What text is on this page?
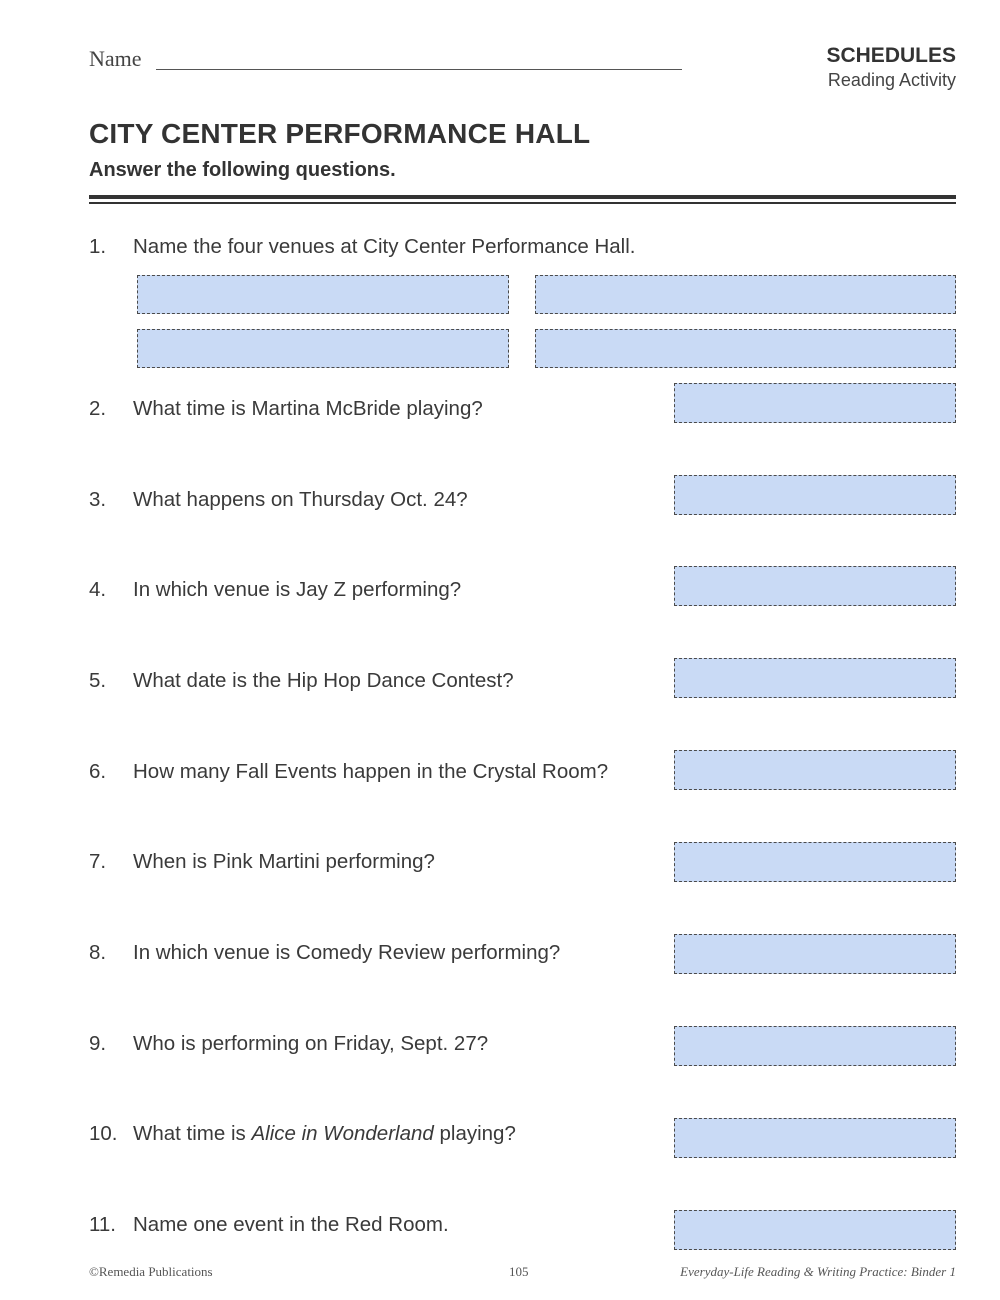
Name	SCHEDULES
Reading Activity
CITY CENTER PERFORMANCE HALL
Answer the following questions.
1. Name the four venues at City Center Performance Hall.
2. What time is Martina McBride playing?
3. What happens on Thursday Oct. 24?
4. In which venue is Jay Z performing?
5. What date is the Hip Hop Dance Contest?
6. How many Fall Events happen in the Crystal Room?
7. When is Pink Martini performing?
8. In which venue is Comedy Review performing?
9. Who is performing on Friday, Sept. 27?
10. What time is Alice in Wonderland playing?
11. Name one event in the Red Room.
©Remedia Publications	105	Everyday-Life Reading & Writing Practice: Binder 1
